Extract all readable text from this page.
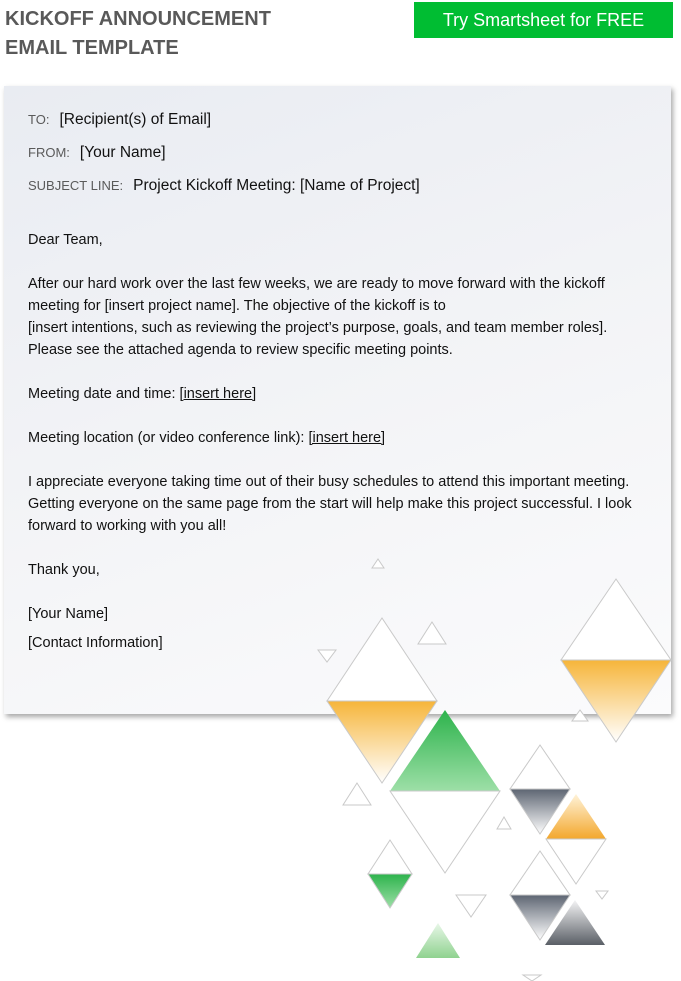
KICKOFF ANNOUNCEMENT
EMAIL TEMPLATE
Try Smartsheet for FREE
TO: [Recipient(s) of Email]
FROM: [Your Name]
SUBJECT LINE: Project Kickoff Meeting: [Name of Project]

Dear Team,

After our hard work over the last few weeks, we are ready to move forward with the kickoff
meeting for [insert project name]. The objective of the kickoff is to
[insert intentions, such as reviewing the project’s purpose, goals, and team member roles].
Please see the attached agenda to review specific meeting points.

Meeting date and time: [insert here]

Meeting location (or video conference link): [insert here]

I appreciate everyone taking time out of their busy schedules to attend this important meeting.
Getting everyone on the same page from the start will help make this project successful. I look
forward to working with you all!

Thank you,

[Your Name]

[Contact Information]
